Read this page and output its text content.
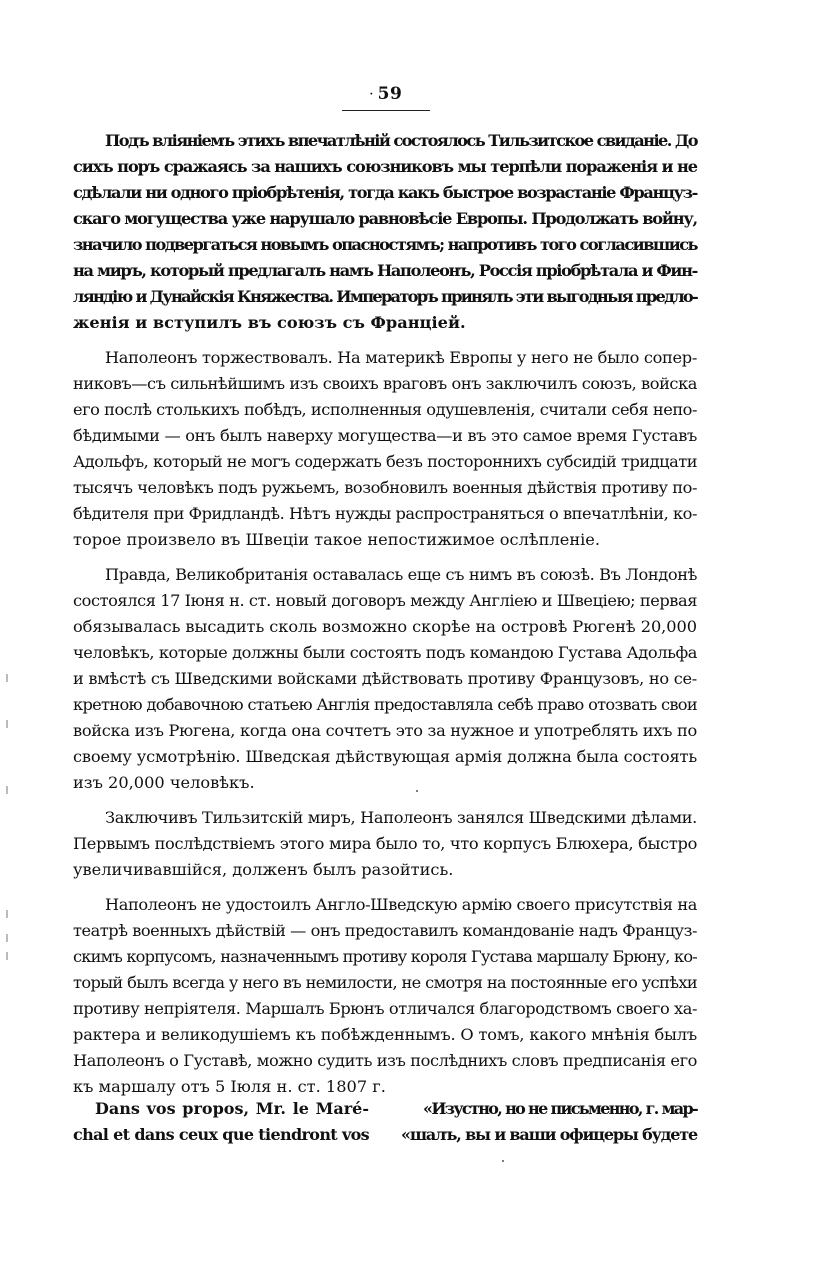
· 59

Подъ вліяніемъ этихъ впечатлѣній состоялось Тильзитское свиданіе. До
сихъ поръ сражаясь за нашихъ союзниковъ мы терпѣли пораженія и не
сдѣлали ни одного пріобрѣтенія, тогда какъ быстрое возрастаніе Француз-
скаго могущества уже нарушало равновѣсіе Европы. Продолжать войну,
значило подвергаться новымъ опасностямъ; напротивъ того согласившись
на миръ, который предлагалъ намъ Наполеонъ, Россія пріобрѣтала и Фин-
ляндію и Дунайскія Княжества. Императоръ принялъ эти выгодныя предло-
женія и вступилъ въ союзъ съ Франціей.

Наполеонъ торжествовалъ. На материкѣ Европы у него не было сопер-
никовъ—съ сильнѣйшимъ изъ своихъ враговъ онъ заключилъ союзъ, войска
его послѣ столькихъ побѣдъ, исполненныя одушевленія, считали себя непо-
бѣдимыми — онъ былъ наверху могущества—и въ это самое время Густавъ
Адольфъ, который не могъ содержать безъ постороннихъ субсидій тридцати
тысячъ человѣкъ подъ ружьемъ, возобновилъ военныя дѣйствія противу по-
бѣдителя при Фридландѣ. Нѣтъ нужды распространяться о впечатлѣніи, ко-
торое произвело въ Швеціи такое непостижимое ослѣпленіе.

Правда, Великобританія оставалась еще съ нимъ въ союзѣ. Въ Лондонѣ
состоялся 17 Іюня н. ст. новый договоръ между Англіею и Швеціею; первая
обязывалась высадить сколь возможно скорѣе на островѣ Рюгенѣ 20,000
человѣкъ, которые должны были состоять подъ командою Густава Адольфа
и вмѣстѣ съ Шведскими войсками дѣйствовать противу Французовъ, но се-
кретною добавочною статьею Англія предоставляла себѣ право отозвать свои
войска изъ Рюгена, когда она сочтетъ это за нужное и употреблять ихъ по
своему усмотрѣнію. Шведская дѣйствующая армія должна была состоять
изъ 20,000 человѣкъ.

Заключивъ Тильзитскій миръ, Наполеонъ занялся Шведскими дѣлами.
Первымъ послѣдствіемъ этого мира было то, что корпусъ Блюхера, быстро
увеличивавшійся, долженъ былъ разойтись.

Наполеонъ не удостоилъ Англо-Шведскую армію своего присутствія на
театрѣ военныхъ дѣйствій — онъ предоставилъ командованіе надъ Француз-
скимъ корпусомъ, назначеннымъ противу короля Густава маршалу Брюну, ко-
торый былъ всегда у него въ немилости, не смотря на постоянные его успѣхи
противу непріятеля. Маршалъ Брюнъ отличался благородствомъ своего ха-
рактера и великодушіемъ къ побѣжденнымъ. О томъ, какого мнѣнія былъ
Наполеонъ о Густавѣ, можно судить изъ послѣднихъ словъ предписанія его
къ маршалу отъ 5 Іюля н. ст. 1807 г.

Dans vos propos, Mr. le Maré-
chal et dans ceux que tiendront vos
«Изустно, но не письменно, г. мар-
«шалъ, вы и ваши офицеры будете
